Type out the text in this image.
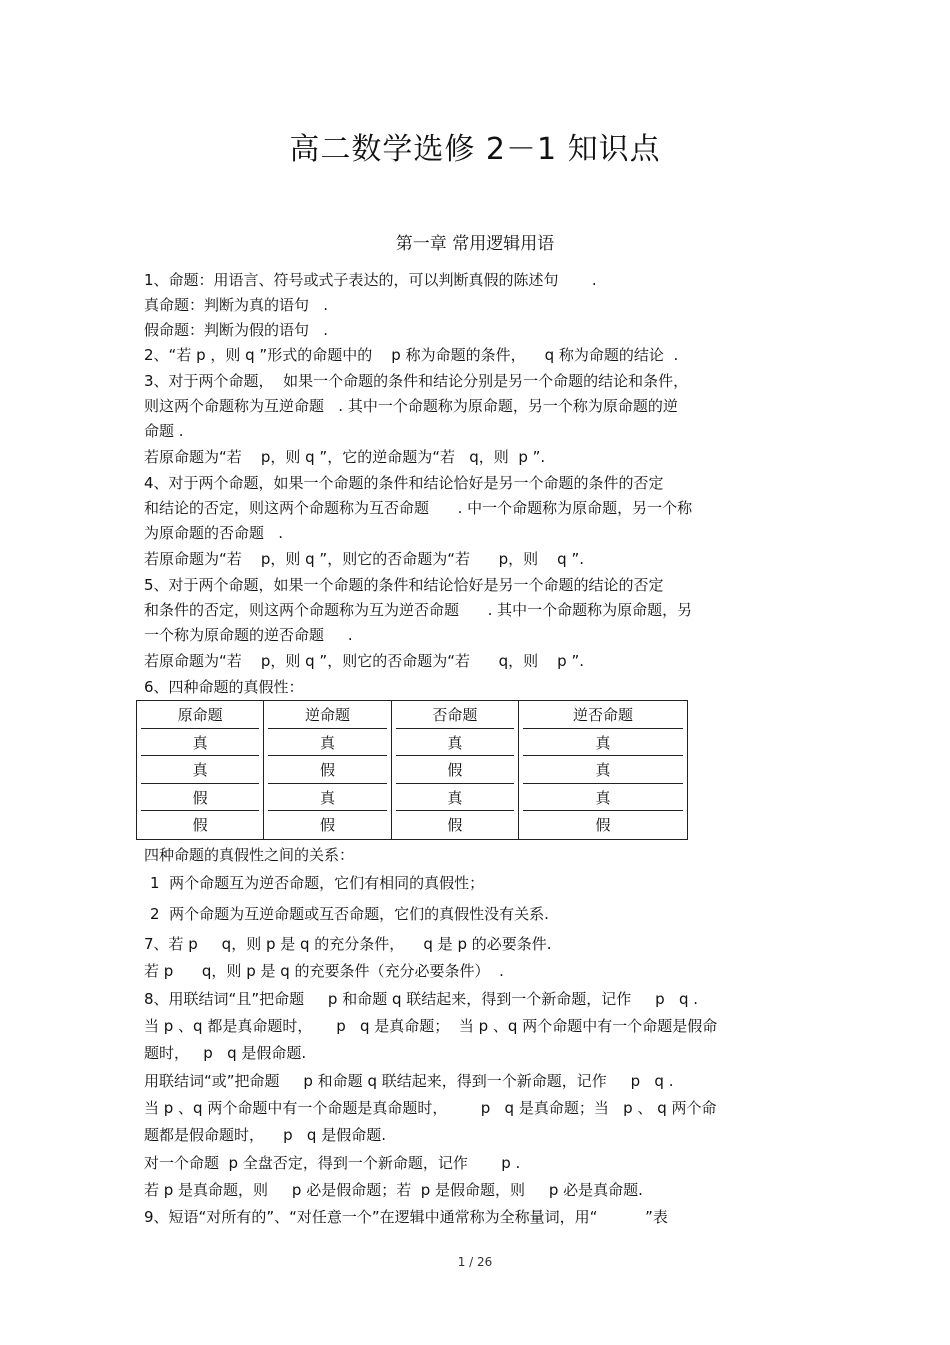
高二数学选修 2－1 知识点
第一章 常用逻辑用语
1、命题：用语言、符号或式子表达的，可以判断真假的陈述句       .
真命题：判断为真的语句   .
假命题：判断为假的语句   .
2、“若 p ，则 q ”形式的命题中的    p 称为命题的条件，    q 称为命题的结论  .
3、对于两个命题，  如果一个命题的条件和结论分别是另一个命题的结论和条件，
则这两个命题称为互逆命题   . 其中一个命题称为原命题，另一个称为原命题的逆
命题 .
若原命题为“若    p，则 q ”，它的逆命题为“若   q，则  p ”.
4、对于两个命题，如果一个命题的条件和结论恰好是另一个命题的条件的否定
和结论的否定，则这两个命题称为互否命题      . 中一个命题称为原命题，另一个称
为原命题的否命题   .
若原命题为“若    p，则 q ”，则它的否命题为“若      p，则    q ”.
5、对于两个命题，如果一个命题的条件和结论恰好是另一个命题的结论的否定
和条件的否定，则这两个命题称为互为逆否命题      . 其中一个命题称为原命题，另
一个称为原命题的逆否命题     .
若原命题为“若    p，则 q ”，则它的否命题为“若      q，则    p ”.
6、四种命题的真假性：
原命题	逆命题	否命题	逆否命题

真	真	真	真

真	假	假	真

假	真	真	真

假	假	假	假
四种命题的真假性之间的关系：
1  两个命题互为逆否命题，它们有相同的真假性；
2  两个命题为互逆命题或互否命题，它们的真假性没有关系.
7、若 p     q，则 p 是 q 的充分条件，    q 是 p 的必要条件.
若 p      q，则 p 是 q 的充要条件（充分必要条件）  .
8、用联结词“且”把命题     p 和命题 q 联结起来，得到一个新命题，记作     p   q .
当 p 、q 都是真命题时，     p   q 是真命题；  当 p 、q 两个命题中有一个命题是假命
题时，   p   q 是假命题.
用联结词“或”把命题     p 和命题 q 联结起来，得到一个新命题，记作     p   q .
当 p 、q 两个命题中有一个命题是真命题时，       p   q 是真命题；当   p 、 q 两个命
题都是假命题时，    p   q 是假命题.
对一个命题  p 全盘否定，得到一个新命题，记作       p .
若 p 是真命题，则     p 必是假命题；若  p 是假命题，则     p 必是真命题.
9、短语“对所有的”、“对任意一个”在逻辑中通常称为全称量词，用“          ”表
1 / 26
